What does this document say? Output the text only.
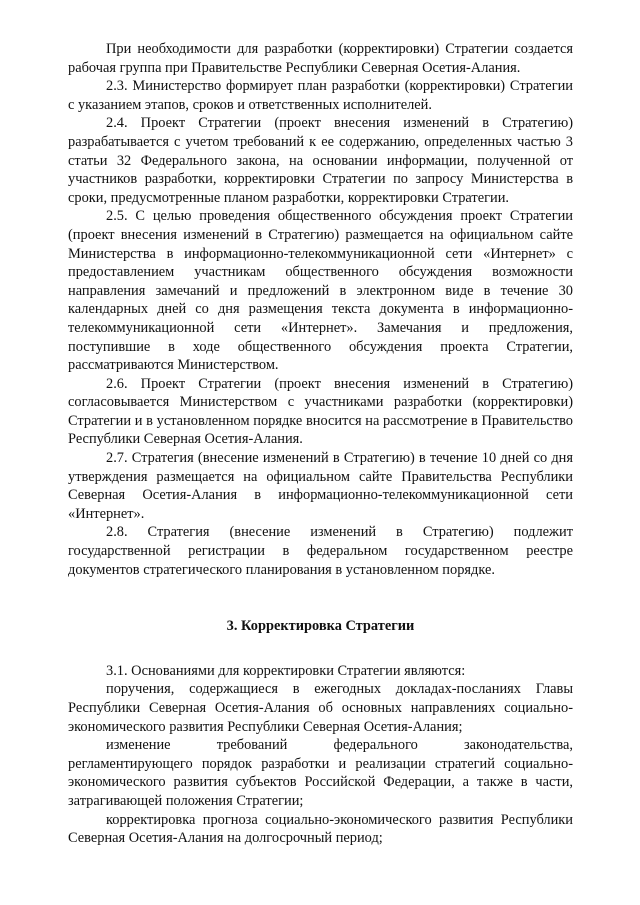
При необходимости для разработки (корректировки) Стратегии создается рабочая группа при Правительстве Республики Северная Осетия-Алания.

2.3. Министерство формирует план разработки (корректировки) Стратегии с указанием этапов, сроков и ответственных исполнителей.

2.4. Проект Стратегии (проект внесения изменений в Стратегию) разрабатывается с учетом требований к ее содержанию, определенных частью 3 статьи 32 Федерального закона, на основании информации, полученной от участников разработки, корректировки Стратегии по запросу Министерства в сроки, предусмотренные планом разработки, корректировки Стратегии.

2.5. С целью проведения общественного обсуждения проект Стратегии (проект внесения изменений в Стратегию) размещается на официальном сайте Министерства в информационно-телекоммуникационной сети «Интернет» с предоставлением участникам общественного обсуждения возможности направления замечаний и предложений в электронном виде в течение 30 календарных дней со дня размещения текста документа в информационно-телекоммуникационной сети «Интернет». Замечания и предложения, поступившие в ходе общественного обсуждения проекта Стратегии, рассматриваются Министерством.

2.6. Проект Стратегии (проект внесения изменений в Стратегию) согласовывается Министерством с участниками разработки (корректировки) Стратегии и в установленном порядке вносится на рассмотрение в Правительство Республики Северная Осетия-Алания.

2.7. Стратегия (внесение изменений в Стратегию) в течение 10 дней со дня утверждения размещается на официальном сайте Правительства Республики Северная Осетия-Алания в информационно-телекоммуникационной сети «Интернет».

2.8. Стратегия (внесение изменений в Стратегию) подлежит государственной регистрации в федеральном государственном реестре документов стратегического планирования в установленном порядке.

3. Корректировка Стратегии

3.1. Основаниями для корректировки Стратегии являются:

поручения, содержащиеся в ежегодных докладах-посланиях Главы Республики Северная Осетия-Алания об основных направлениях социально-экономического развития Республики Северная Осетия-Алания;

изменение требований федерального законодательства, регламентирующего порядок разработки и реализации стратегий социально-экономического развития субъектов Российской Федерации, а также в части, затрагивающей положения Стратегии;

корректировка прогноза социально-экономического развития Республики Северная Осетия-Алания на долгосрочный период;
